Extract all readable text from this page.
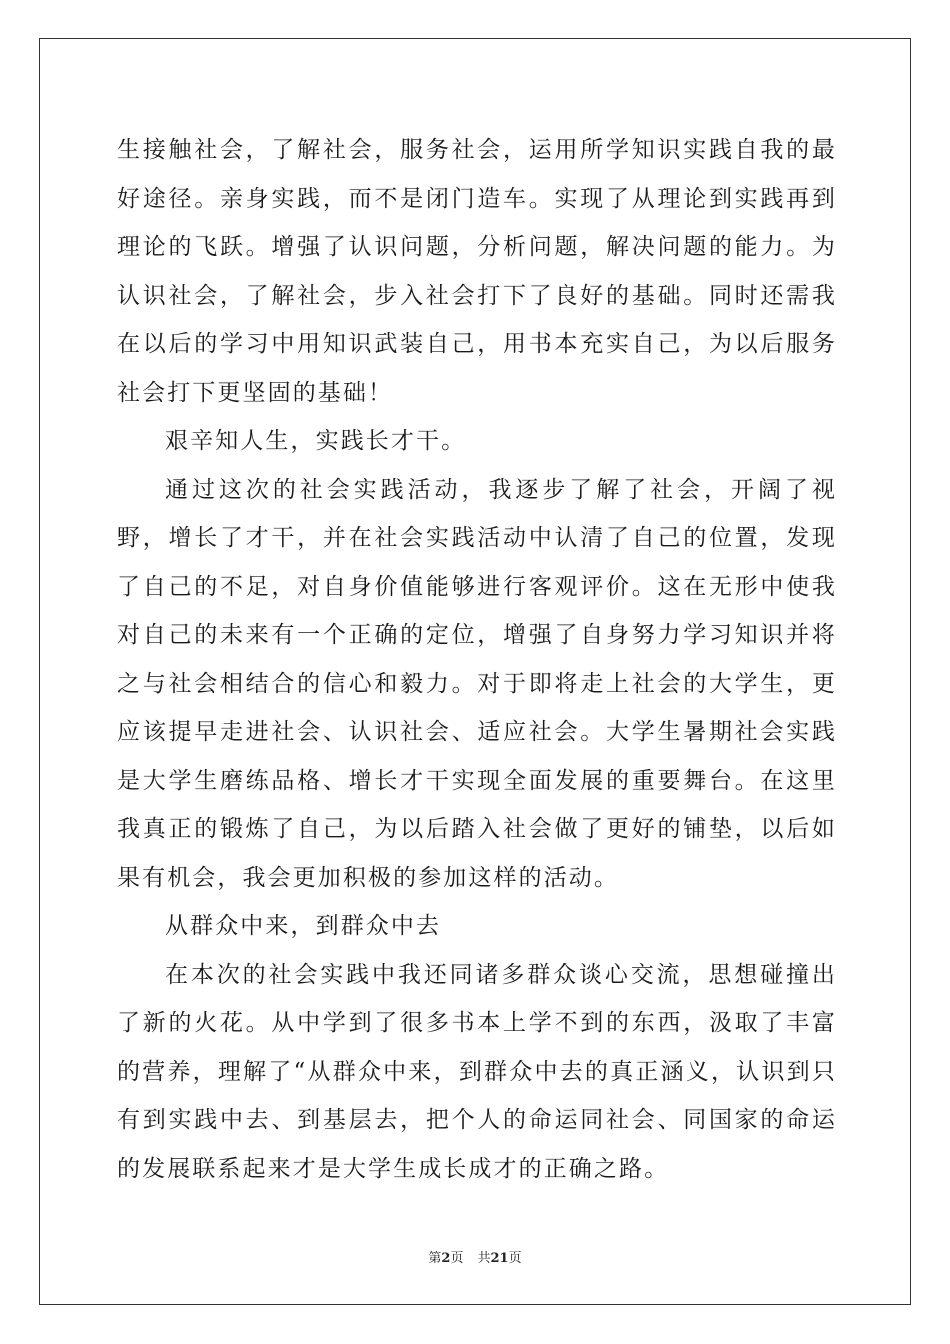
生接触社会，了解社会，服务社会，运用所学知识实践自我的最好途径。亲身实践，而不是闭门造车。实现了从理论到实践再到理论的飞跃。增强了认识问题，分析问题，解决问题的能力。为认识社会，了解社会，步入社会打下了良好的基础。同时还需我在以后的学习中用知识武装自己，用书本充实自己，为以后服务社会打下更坚固的基础！

艰辛知人生，实践长才干。

通过这次的社会实践活动，我逐步了解了社会，开阔了视野，增长了才干，并在社会实践活动中认清了自己的位置，发现了自己的不足，对自身价值能够进行客观评价。这在无形中使我对自己的未来有一个正确的定位，增强了自身努力学习知识并将之与社会相结合的信心和毅力。对于即将走上社会的大学生，更应该提早走进社会、认识社会、适应社会。大学生暑期社会实践是大学生磨练品格、增长才干实现全面发展的重要舞台。在这里我真正的锻炼了自己，为以后踏入社会做了更好的铺垫，以后如果有机会，我会更加积极的参加这样的活动。

从群众中来，到群众中去

在本次的社会实践中我还同诸多群众谈心交流，思想碰撞出了新的火花。从中学到了很多书本上学不到的东西，汲取了丰富的营养，理解了“从群众中来，到群众中去的真正涵义，认识到只有到实践中去、到基层去，把个人的命运同社会、同国家的命运的发展联系起来才是大学生成长成才的正确之路。

第2页 共21页
